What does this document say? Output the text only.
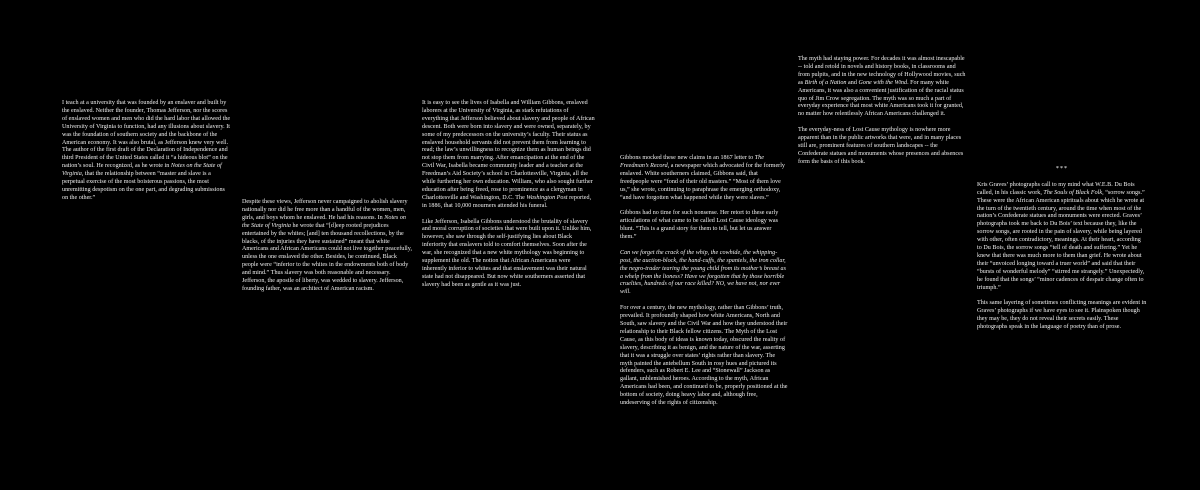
I teach at a university that was founded by an enslaver and built by the enslaved. Neither the founder, Thomas Jefferson, nor the scores of enslaved women and men who did the hard labor that allowed the University of Virginia to function, had any illusions about slavery. It was the foundation of southern society and the backbone of the American economy. It was also brutal, as Jefferson knew very well. The author of the first draft of the Declaration of Independence and third President of the United States called it “a hideous blot” on the nation’s soul. He recognized, as he wrote in Notes on the State of Virginia, that the relationship between “master and slave is a perpetual exercise of the most boisterous passions, the most unremitting despotism on the one part, and degrading submissions on the other.”

Despite these views, Jefferson never campaigned to abolish slavery nationally nor did he free more than a handful of the women, men, girls, and boys whom he enslaved. He had his reasons. In Notes on the State of Virginia he wrote that “[d]eep rooted prejudices entertained by the whites; [and] ten thousand recollections, by the blacks, of the injuries they have sustained” meant that white Americans and African Americans could not live together peacefully, unless the one enslaved the other. Besides, he continued, Black people were “inferior to the whites in the endowments both of body and mind.” Thus slavery was both reasonable and necessary. Jefferson, the apostle of liberty, was wedded to slavery. Jefferson, founding father, was an architect of American racism.

It is easy to see the lives of Isabella and William Gibbons, enslaved laborers at the University of Virginia, as stark refutations of everything that Jefferson believed about slavery and people of African descent. Both were born into slavery and were owned, separately, by some of my predecessors on the university’s faculty. Their status as enslaved household servants did not prevent them from learning to read; the law’s unwillingness to recognize them as human beings did not stop them from marrying. After emancipation at the end of the Civil War, Isabella became community leader and a teacher at the Freedman’s Aid Society’s school in Charlottesville, Virginia, all the while furthering her own education. William, who also sought further education after being freed, rose to prominence as a clergyman in Charlottesville and Washington, D.C. The Washington Post reported, in 1886, that 10,000 mourners attended his funeral.

Like Jefferson, Isabella Gibbons understood the brutality of slavery and moral corruption of societies that were built upon it. Unlike him, however, she saw through the self-justifying lies about Black inferiority that enslavers told to comfort themselves. Soon after the war, she recognized that a new white mythology was beginning to supplement the old. The notion that African Americans were inherently inferior to whites and that enslavement was their natural state had not disappeared. But now white southerners asserted that slavery had been as gentle as it was just.

Gibbons mocked these new claims in an 1867 letter to The Freedman’s Record, a newspaper which advocated for the formerly enslaved. White southerners claimed, Gibbons said, that freedpeople were “fond of their old masters.” “Most of them love us,” she wrote, continuing to paraphrase the emerging orthodoxy, “and have forgotten what happened while they were slaves.”

Gibbons had no time for such nonsense. Her retort to these early articulations of what came to be called Lost Cause ideology was blunt. “This is a grand story for them to tell, but let us answer them.”

Can we forget the crack of the whip, the cowhide, the whipping-post, the auction-block, the hand-cuffs, the spaniels, the iron collar, the negro-trader tearing the young child from its mother’s breast as a whelp from the lioness? Have we forgotten that by those horrible cruelties, hundreds of our race killed? NO, we have not, nor ever will.

For over a century, the new mythology, rather than Gibbons’ truth, prevailed. It profoundly shaped how white Americans, North and South, saw slavery and the Civil War and how they understood their relationship to their Black fellow citizens. The Myth of the Lost Cause, as this body of ideas is known today, obscured the reality of slavery, describing it as benign, and the nature of the war, asserting that it was a struggle over states’ rights rather than slavery. The myth painted the antebellum South in rosy hues and pictured its defenders, such as Robert E. Lee and “Stonewall” Jackson as gallant, unblemished heroes. According to the myth, African Americans had been, and continued to be, properly positioned at the bottom of society, doing heavy labor and, although free, undeserving of the rights of citizenship.

The myth had staying power. For decades it was almost inescapable -- told and retold in novels and history books, in classrooms and from pulpits, and in the new technology of Hollywood movies, such as Birth of a Nation and Gone with the Wind. For many white Americans, it was also a convenient justification of the racial status quo of Jim Crow segregation. The myth was so much a part of everyday experience that most white Americans took it for granted, no matter how relentlessly African Americans challenged it.

The everyday-ness of Lost Cause mythology is nowhere more apparent than in the public artworks that were, and in many places still are, prominent features of southern landscapes -- the Confederate statues and monuments whose presences and absences form the basis of this book.

***

Kris Graves’ photographs call to my mind what W.E.B. Du Bois called, in his classic work, The Souls of Black Folk, “sorrow songs.” These were the African American spirituals about which he wrote at the turn of the twentieth century, around the time when most of the nation’s Confederate statues and monuments were erected. Graves’ photographs took me back to Du Bois’ text because they, like the sorrow songs, are rooted in the pain of slavery, while being layered with other, often contradictory, meanings. At their heart, according to Du Bois, the sorrow songs “tell of death and suffering.” Yet he knew that there was much more to them than grief. He wrote about their “unvoiced longing toward a truer world” and said that their “bursts of wonderful melody” “stirred me strangely.” Unexpectedly, he found that the songs’ “minor cadences of despair change often to triumph.”

This same layering of sometimes conflicting meanings are evident in Graves’ photographs if we have eyes to see it. Plainspoken though they may be, they do not reveal their secrets easily. These photographs speak in the language of poetry than of prose.
